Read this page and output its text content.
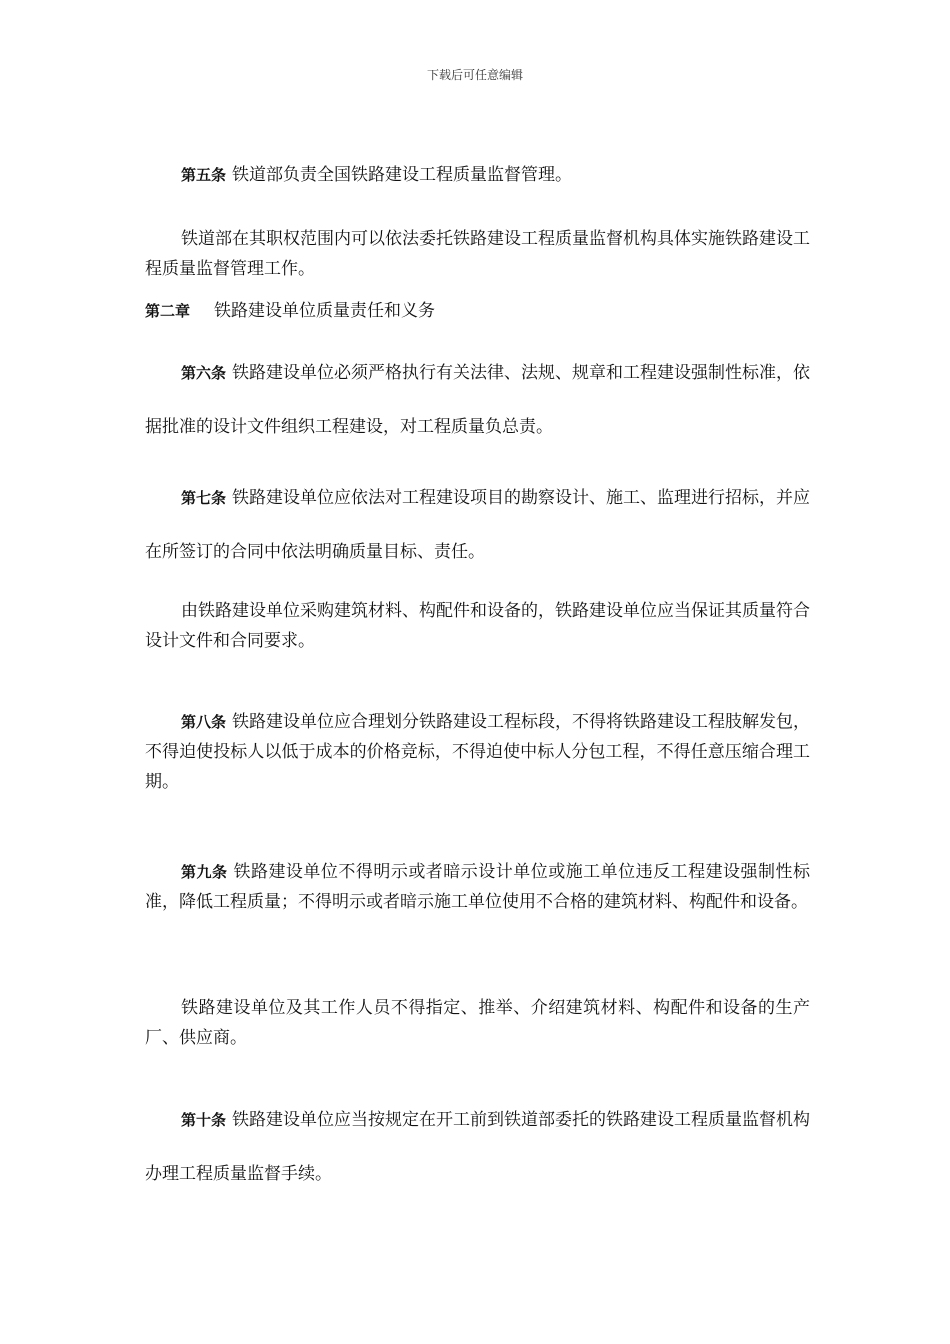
下载后可任意编辑
第五条 铁道部负责全国铁路建设工程质量监督管理。
铁道部在其职权范围内可以依法委托铁路建设工程质量监督机构具体实施铁路建设工程质量监督管理工作。
第二章 铁路建设单位质量责任和义务
第六条 铁路建设单位必须严格执行有关法律、法规、规章和工程建设强制性标准，依据批准的设计文件组织工程建设，对工程质量负总责。
第七条 铁路建设单位应依法对工程建设项目的勘察设计、施工、监理进行招标，并应在所签订的合同中依法明确质量目标、责任。
由铁路建设单位采购建筑材料、构配件和设备的，铁路建设单位应当保证其质量符合设计文件和合同要求。
第八条 铁路建设单位应合理划分铁路建设工程标段，不得将铁路建设工程肢解发包，不得迫使投标人以低于成本的价格竞标，不得迫使中标人分包工程，不得任意压缩合理工期。
第九条 铁路建设单位不得明示或者暗示设计单位或施工单位违反工程建设强制性标准，降低工程质量；不得明示或者暗示施工单位使用不合格的建筑材料、构配件和设备。
铁路建设单位及其工作人员不得指定、推举、介绍建筑材料、构配件和设备的生产厂、供应商。
第十条 铁路建设单位应当按规定在开工前到铁道部委托的铁路建设工程质量监督机构办理工程质量监督手续。
